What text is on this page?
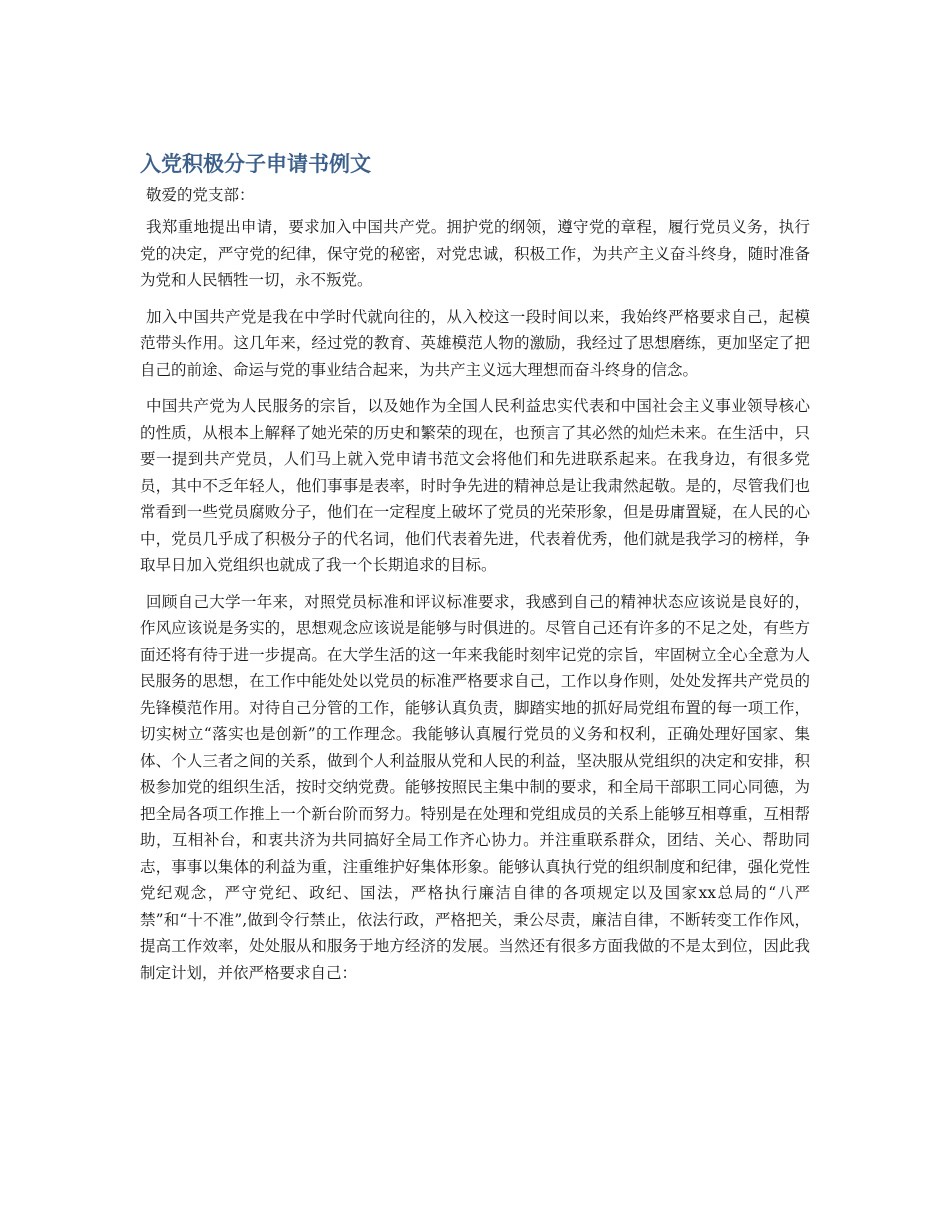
入党积极分子申请书例文

敬爱的党支部：

我郑重地提出申请，要求加入中国共产党。拥护党的纲领，遵守党的章程，履行党员义务，执行党的决定，严守党的纪律，保守党的秘密，对党忠诚，积极工作，为共产主义奋斗终身，随时准备为党和人民牺牲一切，永不叛党。

加入中国共产党是我在中学时代就向往的，从入校这一段时间以来，我始终严格要求自己，起模范带头作用。这几年来，经过党的教育、英雄模范人物的激励，我经过了思想磨练，更加坚定了把自己的前途、命运与党的事业结合起来，为共产主义远大理想而奋斗终身的信念。

中国共产党为人民服务的宗旨，以及她作为全国人民利益忠实代表和中国社会主义事业领导核心的性质，从根本上解释了她光荣的历史和繁荣的现在，也预言了其必然的灿烂未来。在生活中，只要一提到共产党员，人们马上就入党申请书范文会将他们和先进联系起来。在我身边，有很多党员，其中不乏年轻人，他们事事是表率，时时争先进的精神总是让我肃然起敬。是的，尽管我们也常看到一些党员腐败分子，他们在一定程度上破坏了党员的光荣形象，但是毋庸置疑，在人民的心中，党员几乎成了积极分子的代名词，他们代表着先进，代表着优秀，他们就是我学习的榜样，争取早日加入党组织也就成了我一个长期追求的目标。

回顾自己大学一年来，对照党员标准和评议标准要求，我感到自己的精神状态应该说是良好的，作风应该说是务实的，思想观念应该说是能够与时俱进的。尽管自己还有许多的不足之处，有些方面还将有待于进一步提高。在大学生活的这一年来我能时刻牢记党的宗旨，牢固树立全心全意为人民服务的思想，在工作中能处处以党员的标准严格要求自己，工作以身作则，处处发挥共产党员的先锋模范作用。对待自己分管的工作，能够认真负责，脚踏实地的抓好局党组布置的每一项工作，切实树立“落实也是创新”的工作理念。我能够认真履行党员的义务和权利，正确处理好国家、集体、个人三者之间的关系，做到个人利益服从党和人民的利益，坚决服从党组织的决定和安排，积极参加党的组织生活，按时交纳党费。能够按照民主集中制的要求，和全局干部职工同心同德，为把全局各项工作推上一个新台阶而努力。特别是在处理和党组成员的关系上能够互相尊重，互相帮助，互相补台，和衷共济为共同搞好全局工作齐心协力。并注重联系群众，团结、关心、帮助同志，事事以集体的利益为重，注重维护好集体形象。能够认真执行党的组织制度和纪律，强化党性党纪观念，严守党纪、政纪、国法，严格执行廉洁自律的各项规定以及国家xx总局的“八严禁”和“十不准”,做到令行禁止，依法行政，严格把关，秉公尽责，廉洁自律，不断转变工作作风，提高工作效率，处处服从和服务于地方经济的发展。当然还有很多方面我做的不是太到位，因此我制定计划，并依严格要求自己：
